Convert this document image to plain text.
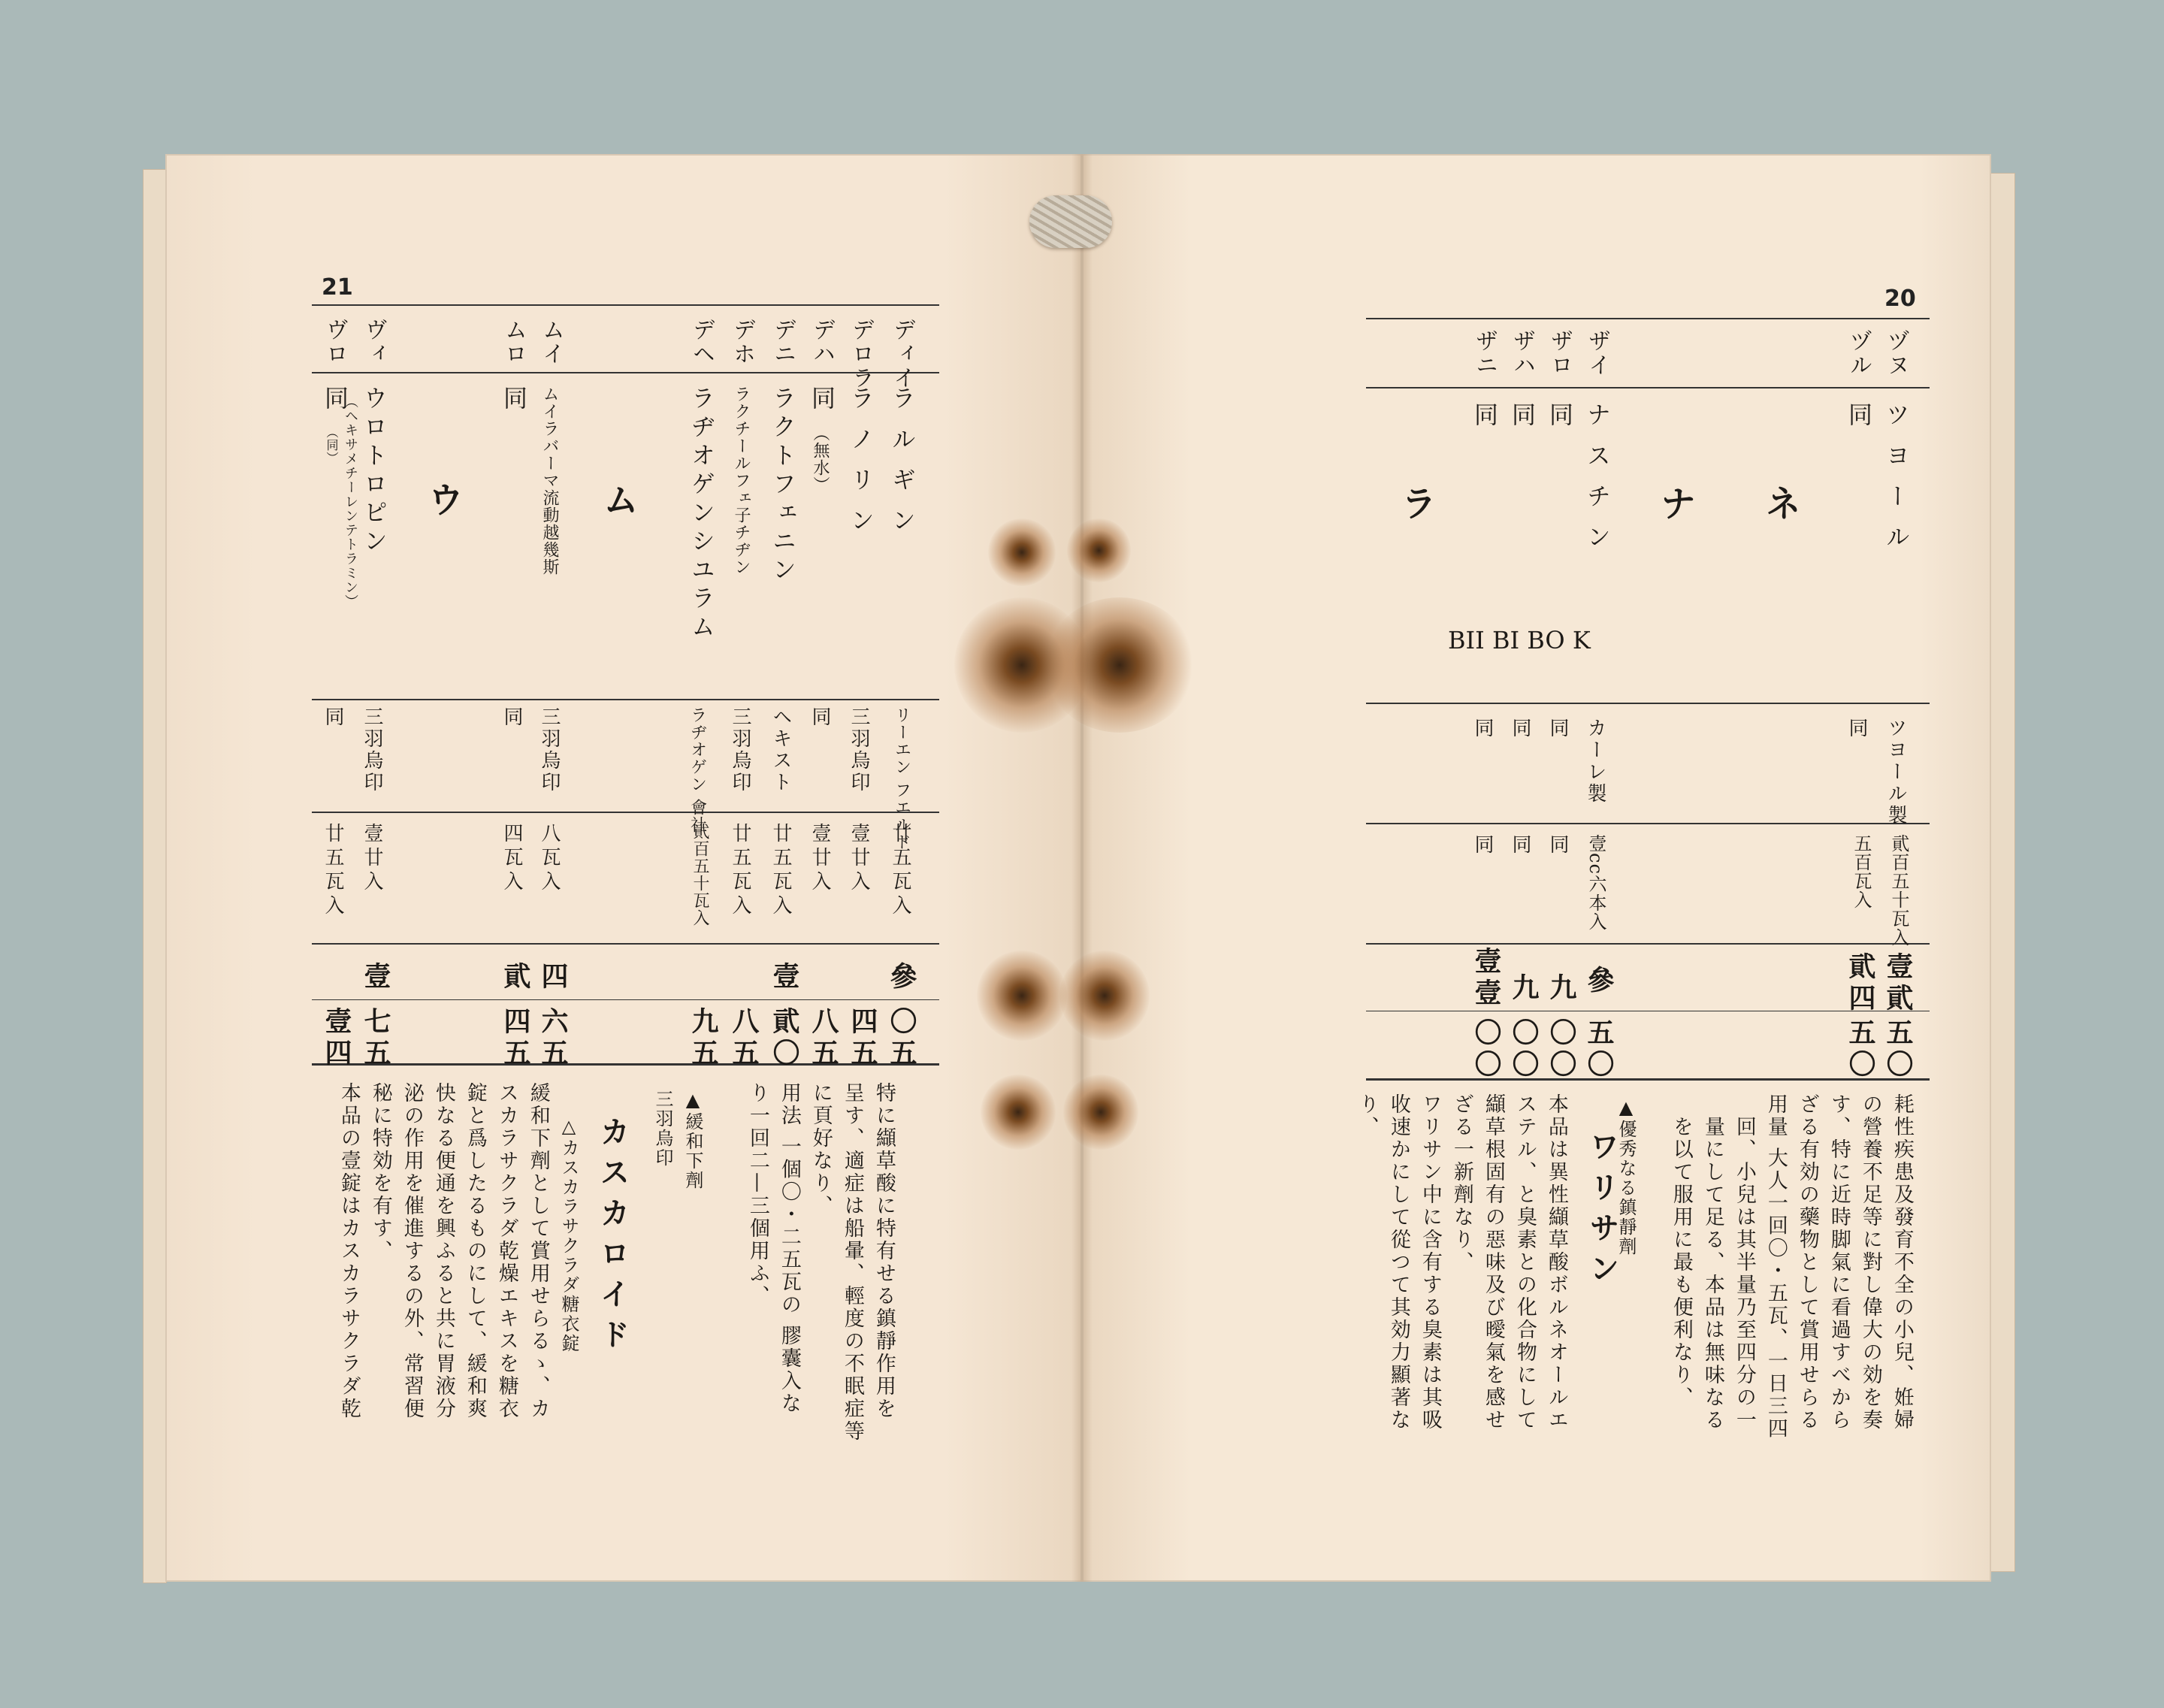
21
ディイ
デロラ
デハ
デニ
デホ
デヘ
ムイ
ムロ
ヴィ
ヴロ
ラ ル ギ ン
ラ ノ リ ン
同
（無水）
ラクトフェニン
ラクチールフェ子チヂン
ラヂオゲンシユラム
ムイラバーマ流動越幾斯
同
ウロトロピン
（ヘキサメチーレンテトラミン）
同
（同）
ム
ウ
リーエン フエルド
三羽烏印
同
ヘキスト
三羽烏印
ラヂオゲン 會社
三羽烏印
同
三羽烏印
同
廿五瓦入
壹廿入
壹廿入
廿五瓦入
廿五瓦入
貮百五十瓦入
八瓦入
四瓦入
壹廿入
廿五瓦入
參
壹
四
貮
壹
〇五
四五
八五
貮〇
八五
九五
六五
四五
七五
壹四
特に纈草酸に特有せる鎮靜作用を
呈す、適症は船暈、輕度の不眠症等
に頁好なり、
用法 一個〇・二五瓦の 膠囊入な
り一回二—三個用ふ、
▲緩和下劑
三羽烏印
カスカロイド
△カスカラサクラダ糖衣錠
緩和下劑として賞用せらるゝ、カ
スカラサクラダ乾燥エキスを糖衣
錠と爲したるものにして、緩和爽
快なる便通を興ふると共に胃液分
泌の作用を催進するの外、常習便
秘に特効を有す、
本品の壹錠はカスカラサクラダ乾
20
ヅヌ
ヅル
ザイ
ザロ
ザハ
ザニ
ツ ヨ ー ル
同
ナ ス チ ン
同
同
同
ネ
ナ
ラ
BII BI BO K
ツヨール製
同
カーレ製
同
同
同
貮百五十瓦入
五百瓦入
壹cc六本入
同
同
同
壹貮
貮四
參
九
九
壹壹
五〇
五〇
五〇
〇〇
〇〇
〇〇
耗性疾患及發育不全の小兒、姙婦
の營養不足等に對し偉大の効を奏
す、特に近時脚氣に看過すべから
ざる有効の藥物として賞用せらる
用量 大人一回〇・五瓦、一日三四
回、小兒は其半量乃至四分の一
量にして足る、本品は無味なる
を以て服用に最も便利なり、
▲優秀なる鎮靜劑
ワリサン
本品は異性纈草酸ボルネオールエ
ステル、と臭素との化合物にして
纈草根固有の惡味及び曖氣を感せ
ざる一新劑なり、
ワリサン中に含有する臭素は其吸
收速かにして從つて其効力顯著な
り、
